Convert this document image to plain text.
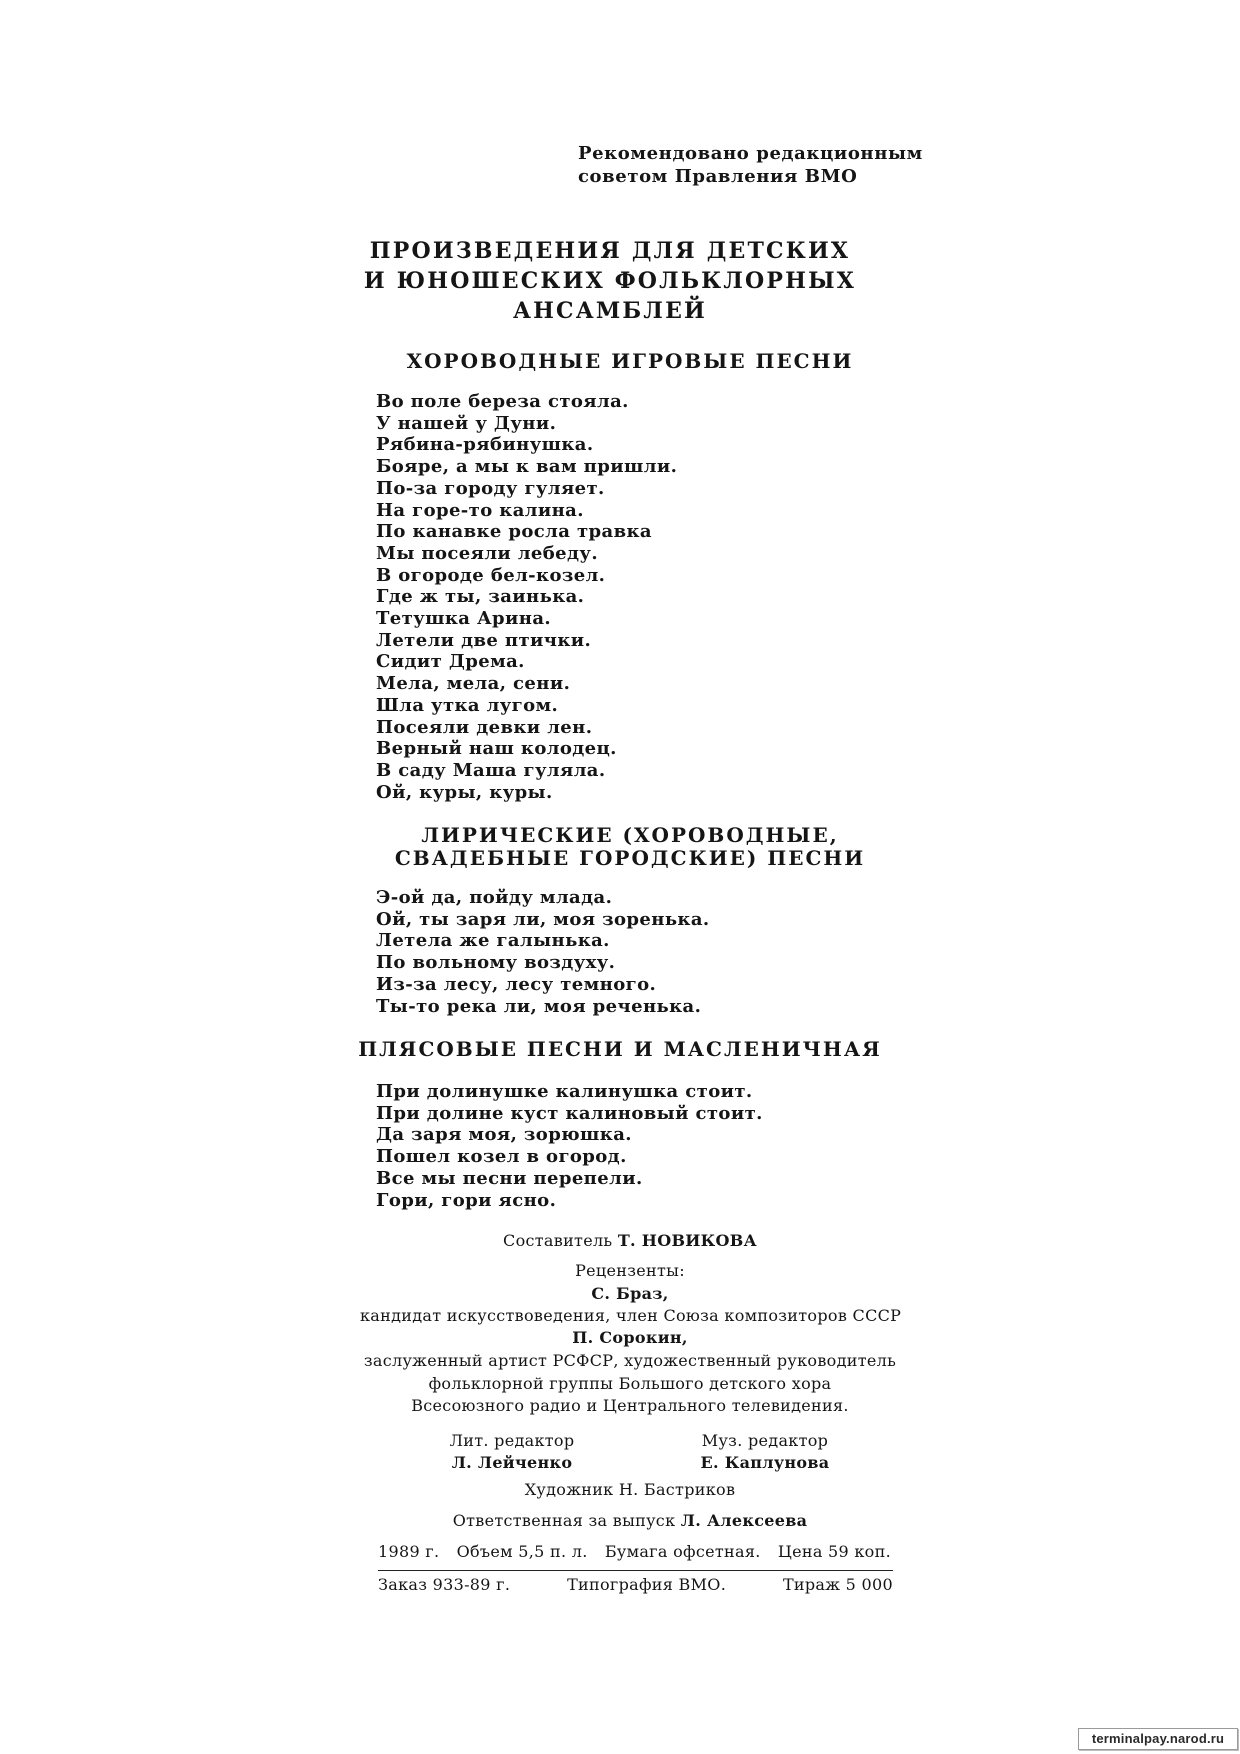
Рекомендовано редакционным
советом Правления ВМО
ПРОИЗВЕДЕНИЯ ДЛЯ ДЕТСКИХ
И ЮНОШЕСКИХ ФОЛЬКЛОРНЫХ
АНСАМБЛЕЙ
ХОРОВОДНЫЕ ИГРОВЫЕ ПЕСНИ
Во поле береза стояла.
У нашей у Дуни.
Рябина-рябинушка.
Бояре, а мы к вам пришли.
По-за городу гуляет.
На горе-то калина.
По канавке росла травка
Мы посеяли лебеду.
В огороде бел-козел.
Где ж ты, заинька.
Тетушка Арина.
Летели две птички.
Сидит Дрема.
Мела, мела, сени.
Шла утка лугом.
Посеяли девки лен.
Верный наш колодец.
В саду Маша гуляла.
Ой, куры, куры.
ЛИРИЧЕСКИЕ (ХОРОВОДНЫЕ,
СВАДЕБНЫЕ ГОРОДСКИЕ) ПЕСНИ
Э-ой да, пойду млада.
Ой, ты заря ли, моя зоренька.
Летела же галынька.
По вольному воздуху.
Из-за лесу, лесу темного.
Ты-то река ли, моя реченька.
ПЛЯСОВЫЕ ПЕСНИ И МАСЛЕНИЧНАЯ
При долинушке калинушка стоит.
При долине куст калиновый стоит.
Да заря моя, зорюшка.
Пошел козел в огород.
Все мы песни перепели.
Гори, гори ясно.
Составитель Т. НОВИКОВА
Рецензенты:
С. Браз,
кандидат искусствоведения, член Союза композиторов СССР
П. Сорокин,
заслуженный артист РСФСР, художественный руководитель
фольклорной группы Большого детского хора
Всесоюзного радио и Центрального телевидения.
Лит. редактор
Л. Лейченко
Муз. редактор
Е. Каплунова
Художник Н. Бастриков
Ответственная за выпуск Л. Алексеева
1989 г. Объем 5,5 п. л. Бумага офсетная. Цена 59 коп.
Заказ 933-89 г.	Типография ВМО.	Тираж 5 000
terminalpay.narod.ru
